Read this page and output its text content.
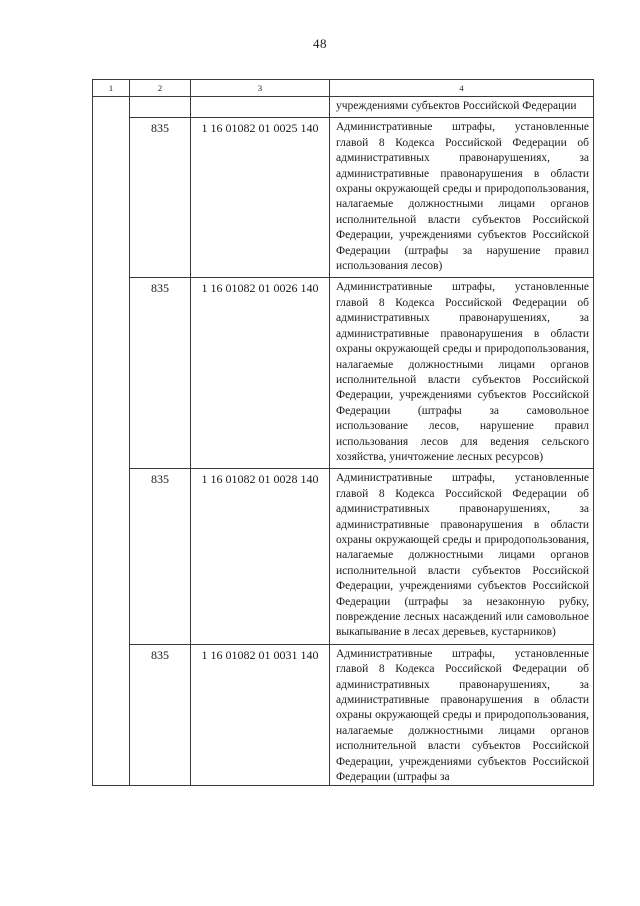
48
1	2	3	4

			учреждениями субъектов Российской Федерации

	835	1 16 01082 01 0025 140	Административные штрафы, установленные главой 8 Кодекса Российской Федерации об административных правонарушениях, за административные правонарушения в области охраны окружающей среды и природопользования, налагаемые должностными лицами органов исполнительной власти субъектов Российской Федерации, учреждениями субъектов Российской Федерации (штрафы за нарушение правил использования лесов)

	835	1 16 01082 01 0026 140	Административные штрафы, установленные главой 8 Кодекса Российской Федерации об административных правонарушениях, за административные правонарушения в области охраны окружающей среды и природопользования, налагаемые должностными лицами органов исполнительной власти субъектов Российской Федерации, учреждениями субъектов Российской Федерации (штрафы за самовольное использование лесов, нарушение правил использования лесов для ведения сельского хозяйства, уничтожение лесных ресурсов)

	835	1 16 01082 01 0028 140	Административные штрафы, установленные главой 8 Кодекса Российской Федерации об административных правонарушениях, за административные правонарушения в области охраны окружающей среды и природопользования, налагаемые должностными лицами органов исполнительной власти субъектов Российской Федерации, учреждениями субъектов Российской Федерации (штрафы за незаконную рубку, повреждение лесных насаждений или самовольное выкапывание в лесах деревьев, кустарников)

	835	1 16 01082 01 0031 140	Административные штрафы, установленные главой 8 Кодекса Российской Федерации об административных правонарушениях, за административные правонарушения в области охраны окружающей среды и природопользования, налагаемые должностными лицами органов исполнительной власти субъектов Российской Федерации, учреждениями субъектов Российской Федерации (штрафы за
